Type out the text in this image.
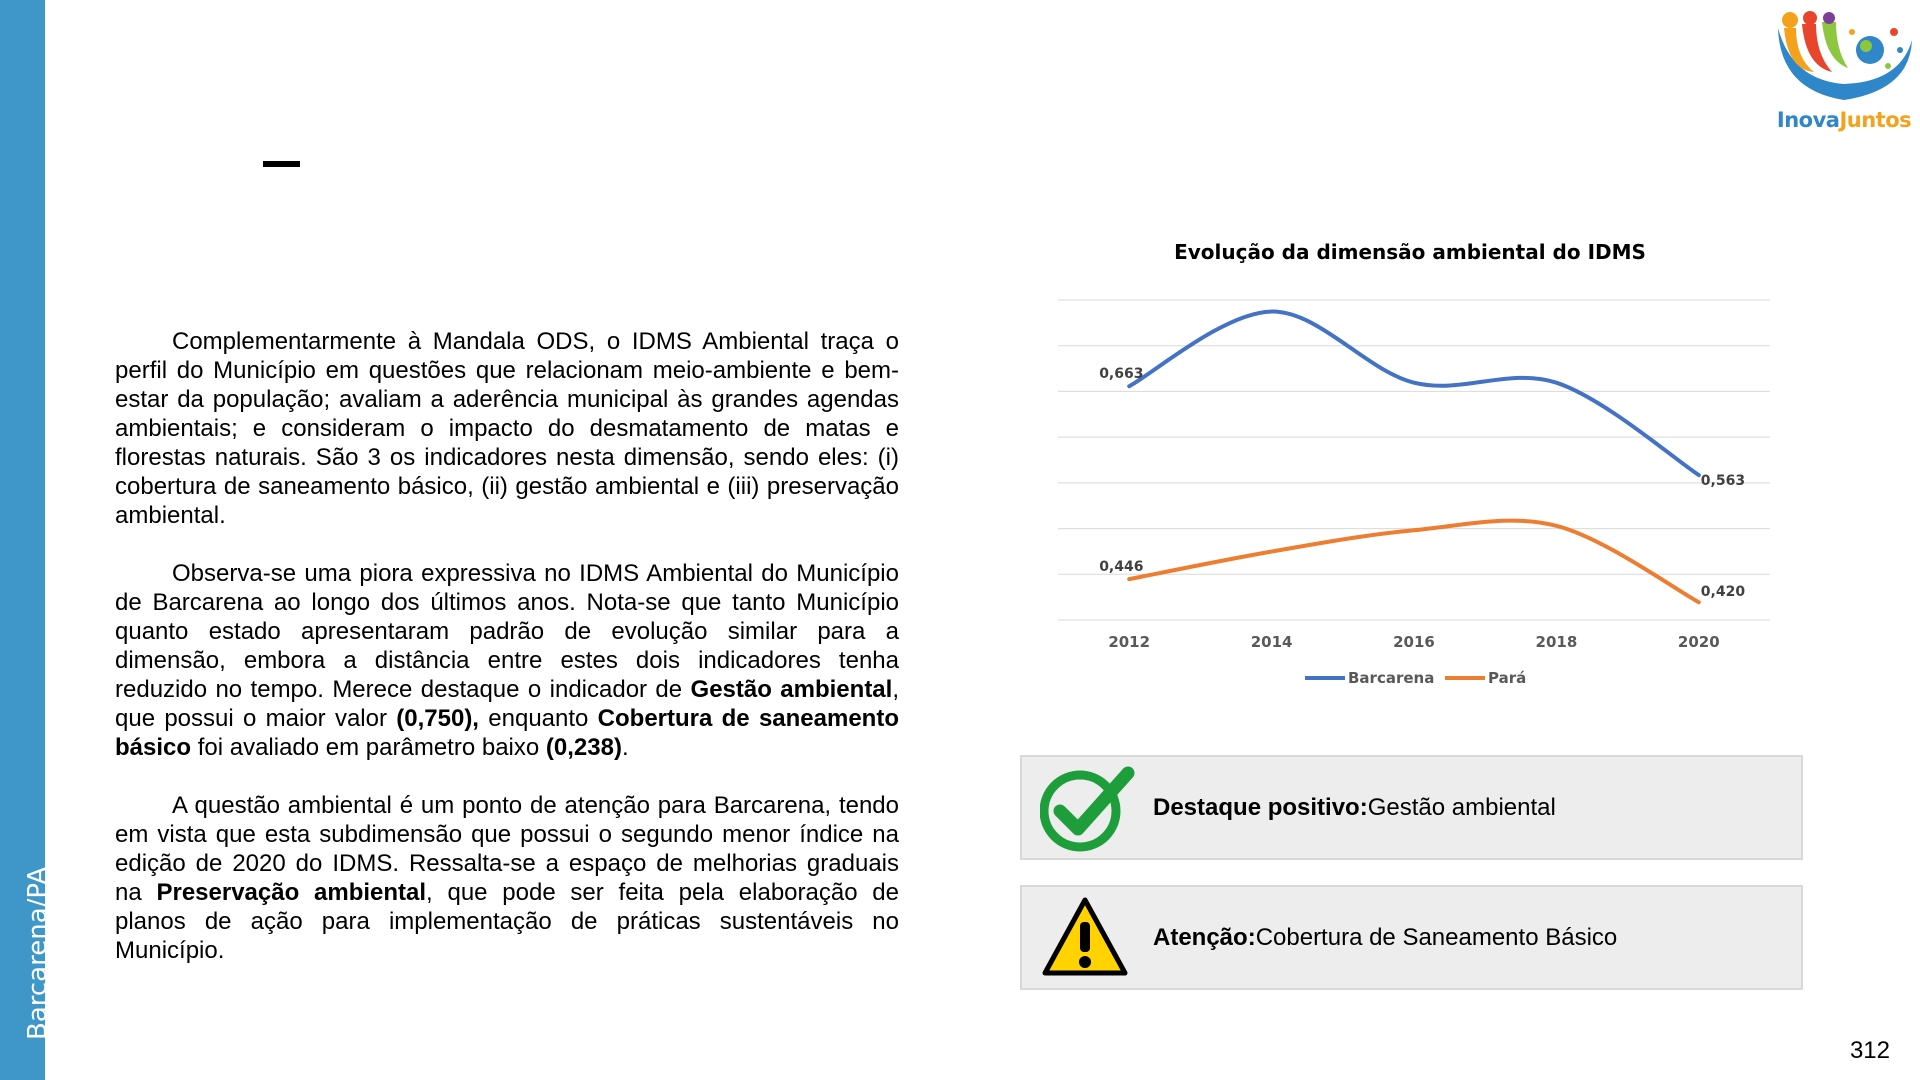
Barcarena/PA
InovaJuntos

Complementarmente à Mandala ODS, o IDMS Ambiental traça o perfil do Município em questões que relacionam meio-ambiente e bem-estar da população; avaliam a aderência municipal às grandes agendas ambientais; e consideram o impacto do desmatamento de matas e florestas naturais. São 3 os indicadores nesta dimensão, sendo eles: (i) cobertura de saneamento básico, (ii) gestão ambiental e (iii) preservação ambiental.

Observa-se uma piora expressiva no IDMS Ambiental do Município de Barcarena ao longo dos últimos anos. Nota-se que tanto Município quanto estado apresentaram padrão de evolução similar para a dimensão, embora a distância entre estes dois indicadores tenha reduzido no tempo. Merece destaque o indicador de Gestão ambiental, que possui o maior valor (0,750), enquanto Cobertura de saneamento básico foi avaliado em parâmetro baixo (0,238).

A questão ambiental é um ponto de atenção para Barcarena, tendo em vista que esta subdimensão que possui o segundo menor índice na edição de 2020 do IDMS. Ressalta-se a espaço de melhorias graduais na Preservação ambiental, que pode ser feita pela elaboração de planos de ação para implementação de práticas sustentáveis no Município.

Evolução da dimensão ambiental do IDMS
2012	2014	2016	2018	2020
0,663
0,563
0,446
0,420
Barcarena	Pará
Destaque positivo: Gestão ambiental
Atenção: Cobertura de Saneamento Básico
312
